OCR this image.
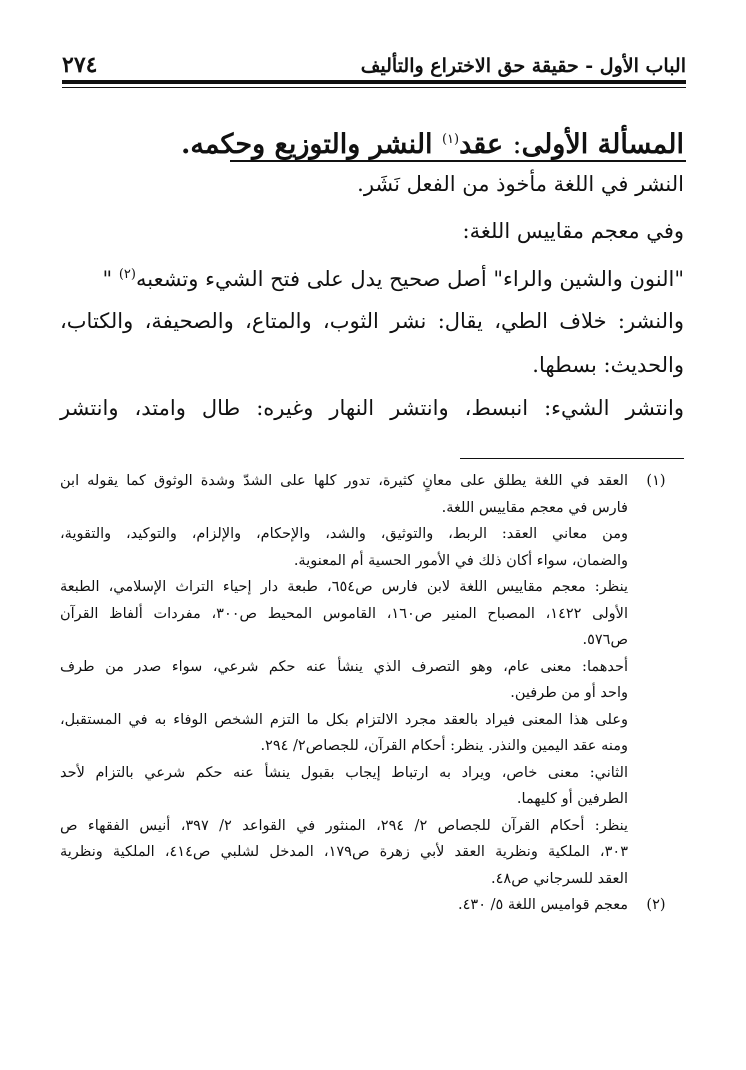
الباب الأول - حقيقة حق الاختراع والتأليف
٢٧٤
المسألة الأولى: عقد$^{(١)}$ النشر والتوزيع وحكمه.
النشر في اللغة مأخوذ من الفعل نَشَر.
وفي معجم مقاييس اللغة:
"النون والشين والراء" أصل صحيح يدل على فتح الشيء وتشعبه$^{(٢)}$ "
والنشر: خلاف الطي، يقال: نشر الثوب، والمتاع، والصحيفة، والكتاب،
والحديث: بسطها.
وانتشر الشيء: انبسط، وانتشر النهار وغيره: طال وامتد، وانتشر
(١)
العقد في اللغة يطلق على معانٍ كثيرة، تدور كلها على الشدّ وشدة الوثوق كما يقوله ابن
فارس في معجم مقاييس اللغة.
ومن معاني العقد: الربط، والتوثيق، والشد، والإحكام، والإلزام، والتوكيد، والتقوية،
والضمان، سواء أكان ذلك في الأمور الحسية أم المعنوية.
ينظر: معجم مقاييس اللغة لابن فارس ص٦٥٤، طبعة دار إحياء التراث الإسلامي، الطبعة
الأولى ١٤٢٢، المصباح المنير ص١٦٠، القاموس المحيط ص٣٠٠، مفردات ألفاظ القرآن
ص٥٧٦.
أحدهما: معنى عام، وهو التصرف الذي ينشأ عنه حكم شرعي، سواء صدر من طرف
واحد أو من طرفين.
وعلى هذا المعنى فيراد بالعقد مجرد الالتزام بكل ما التزم الشخص الوفاء به في المستقبل،
ومنه عقد اليمين والنذر. ينظر: أحكام القرآن، للجصاص٢/ ٢٩٤.
الثاني: معنى خاص، ويراد به ارتباط إيجاب بقبول ينشأ عنه حكم شرعي بالتزام لأحد
الطرفين أو كليهما.
ينظر: أحكام القرآن للجصاص ٢/ ٢٩٤، المنثور في القواعد ٢/ ٣٩٧، أنيس الفقهاء ص
٣٠٣، الملكية ونظرية العقد لأبي زهرة ص١٧٩، المدخل لشلبي ص٤١٤، الملكية ونظرية
العقد للسرجاني ص٤٨.
(٢)
معجم قواميس اللغة ٥/ ٤٣٠.
